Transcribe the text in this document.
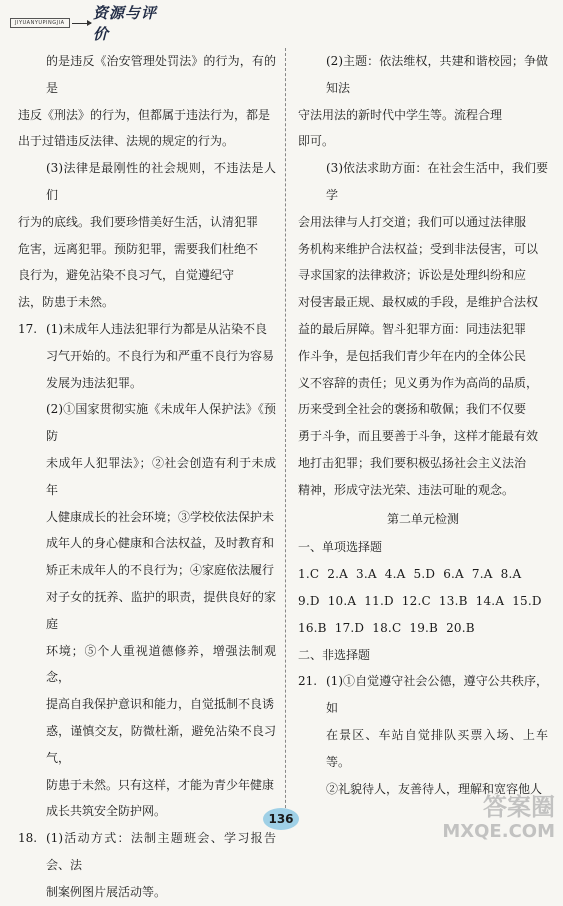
JIYUANYUPINGJIA
资源与评价
的是违反《治安管理处罚法》的行为，有的是
违反《刑法》的行为，但都属于违法行为，都是
出于过错违反法律、法规的规定的行为。
(3)法律是最刚性的社会规则，不违法是人们
行为的底线。我们要珍惜美好生活，认清犯罪
危害，远离犯罪。预防犯罪，需要我们杜绝不
良行为，避免沾染不良习气，自觉遵纪守
法，防患于未然。
17. (1)未成年人违法犯罪行为都是从沾染不良
习气开始的。不良行为和严重不良行为容易
发展为违法犯罪。
(2)①国家贯彻实施《未成年人保护法》《预防
未成年人犯罪法》；②社会创造有利于未成年
人健康成长的社会环境；③学校依法保护未
成年人的身心健康和合法权益，及时教育和
矫正未成年人的不良行为；④家庭依法履行
对子女的抚养、监护的职责，提供良好的家庭
环境；⑤个人重视道德修养，增强法制观念，
提高自我保护意识和能力，自觉抵制不良诱
惑，谨慎交友，防微杜渐，避免沾染不良习气，
防患于未然。只有这样，才能为青少年健康
成长共筑安全防护网。
18. (1)活动方式：法制主题班会、学习报告会、法
制案例图片展活动等。
(2)主题：依法维权，共建和谐校园；争做知法
守法用法的新时代中学生等。流程合理
即可。
(3)依法求助方面：在社会生活中，我们要学
会用法律与人打交道；我们可以通过法律服
务机构来维护合法权益；受到非法侵害，可以
寻求国家的法律救济；诉讼是处理纠纷和应
对侵害最正规、最权威的手段，是维护合法权
益的最后屏障。智斗犯罪方面：同违法犯罪
作斗争，是包括我们青少年在内的全体公民
义不容辞的责任；见义勇为作为高尚的品质，
历来受到全社会的褒扬和敬佩；我们不仅要
勇于斗争，而且要善于斗争，这样才能最有效
地打击犯罪；我们要积极弘扬社会主义法治
精神，形成守法光荣、违法可耻的观念。
第二单元检测
一、单项选择题
1.C  2.A  3.A  4.A  5.D  6.A  7.A  8.A
9.D  10.A  11.D  12.C  13.B  14.A  15.D
16.B  17.D  18.C  19.B  20.B
二、非选择题
21. (1)①自觉遵守社会公德，遵守公共秩序，如
在景区、车站自觉排队买票入场、上车等。
②礼貌待人，友善待人，理解和宽容他人
136	答案圈
MXQE.COM
